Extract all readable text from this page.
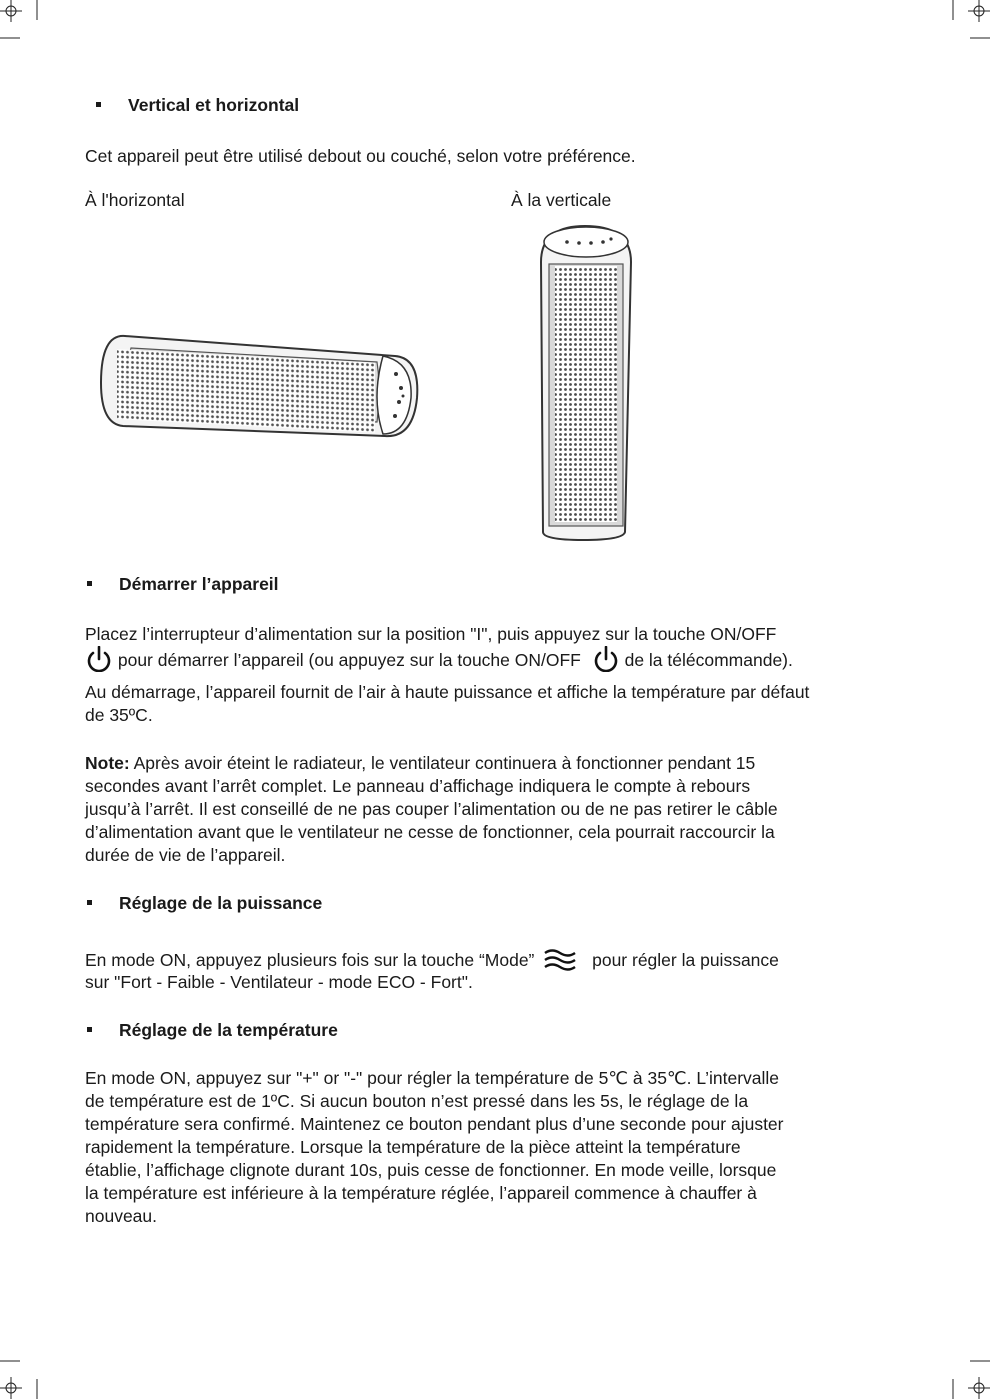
Vertical et horizontal

Cet appareil peut être utilisé debout ou couché, selon votre préférence.

À l'horizontal	À la verticale

Démarrer l’appareil

Placez l’interrupteur d’alimentation sur la position "I", puis appuyez sur la touche ON/OFF

pour démarrer l’appareil (ou appuyez sur la touche ON/OFF  de la télécommande).

Au démarrage, l’appareil fournit de l’air à haute puissance et affiche la température par défaut

de 35ºC.

Note: Après avoir éteint le radiateur, le ventilateur continuera à fonctionner pendant 15

secondes avant l’arrêt complet. Le panneau d’affichage indiquera le compte à rebours

jusqu’à l’arrêt. Il est conseillé de ne pas couper l’alimentation ou de ne pas retirer le câble

d’alimentation avant que le ventilateur ne cesse de fonctionner, cela pourrait raccourcir la

durée de vie de l’appareil.

Réglage de la puissance

En mode ON, appuyez plusieurs fois sur la touche “Mode”	pour régler la puissance

sur "Fort - Faible - Ventilateur - mode ECO - Fort".

Réglage de la température

En mode ON, appuyez sur "+" or "-" pour régler la température de 5℃ à 35℃. L’intervalle

de température est de 1ºC. Si aucun bouton n’est pressé dans les 5s, le réglage de la

température sera confirmé. Maintenez ce bouton pendant plus d’une seconde pour ajuster

rapidement la température. Lorsque la température de la pièce atteint la température

établie, l’affichage clignote durant 10s, puis cesse de fonctionner. En mode veille, lorsque

la température est inférieure à la température réglée, l’appareil commence à chauffer à

nouveau.
